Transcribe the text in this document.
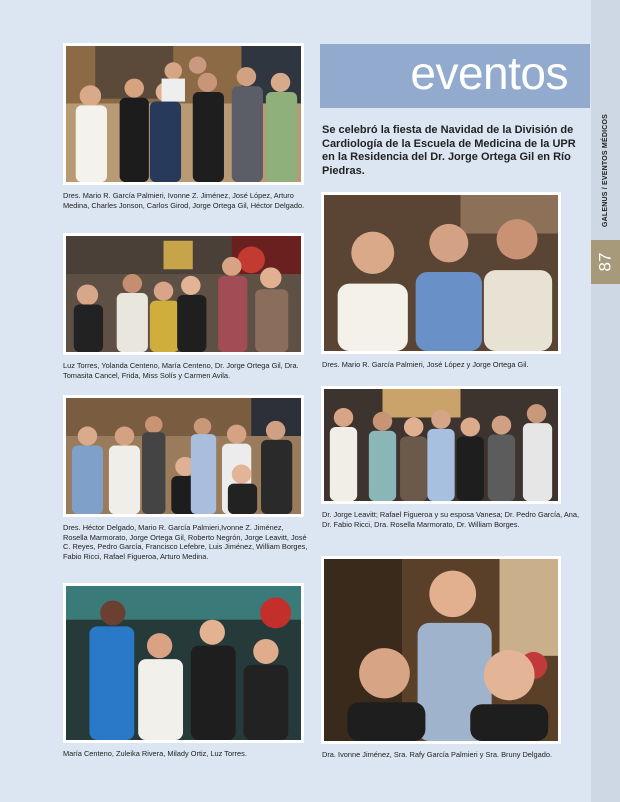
GALENUS / EVENTOS MÉDICOS
87
eventos
Se celebró la fiesta de Navidad de la División de Cardiología de la Escuela de Medicina de la UPR en la Residencia del Dr. Jorge Ortega Gil en Río Piedras.
Dres. Mario R. García Palmieri, Ivonne Z. Jiménez, José López, Arturo Medina, Charles Jonson, Carlos Girod, Jorge Ortega Gil, Héctor Delgado.
Luz Torres, Yolanda Centeno, María Centeno, Dr. Jorge Ortega Gil, Dra. Tomasita Cancel, Frida, Miss Solís y Carmen Avila.
Dres. Héctor Delgado, Mario R. García Palmieri,Ivonne Z. Jiménez, Rosella Marmorato, Jorge Ortega Gil, Roberto Negrón, Jorge Leavitt, José C. Reyes, Pedro García, Francisco Lefebre, Luis Jiménez, William Borges, Fabio Ricci, Rafael Figueroa, Arturo Medina.
María Centeno, Zuleika Rivera, Milady Ortiz, Luz Torres.
Dres. Mario R. García Palmieri, José López y Jorge Ortega Gil.
Dr. Jorge Leavitt; Rafael Figueroa y su esposa Vanesa; Dr. Pedro García, Ana, Dr. Fabio Ricci, Dra. Rosella Marmorato, Dr. William Borges.
Dra. Ivonne Jiménez, Sra. Rafy García Palmieri y Sra. Bruny Delgado.
